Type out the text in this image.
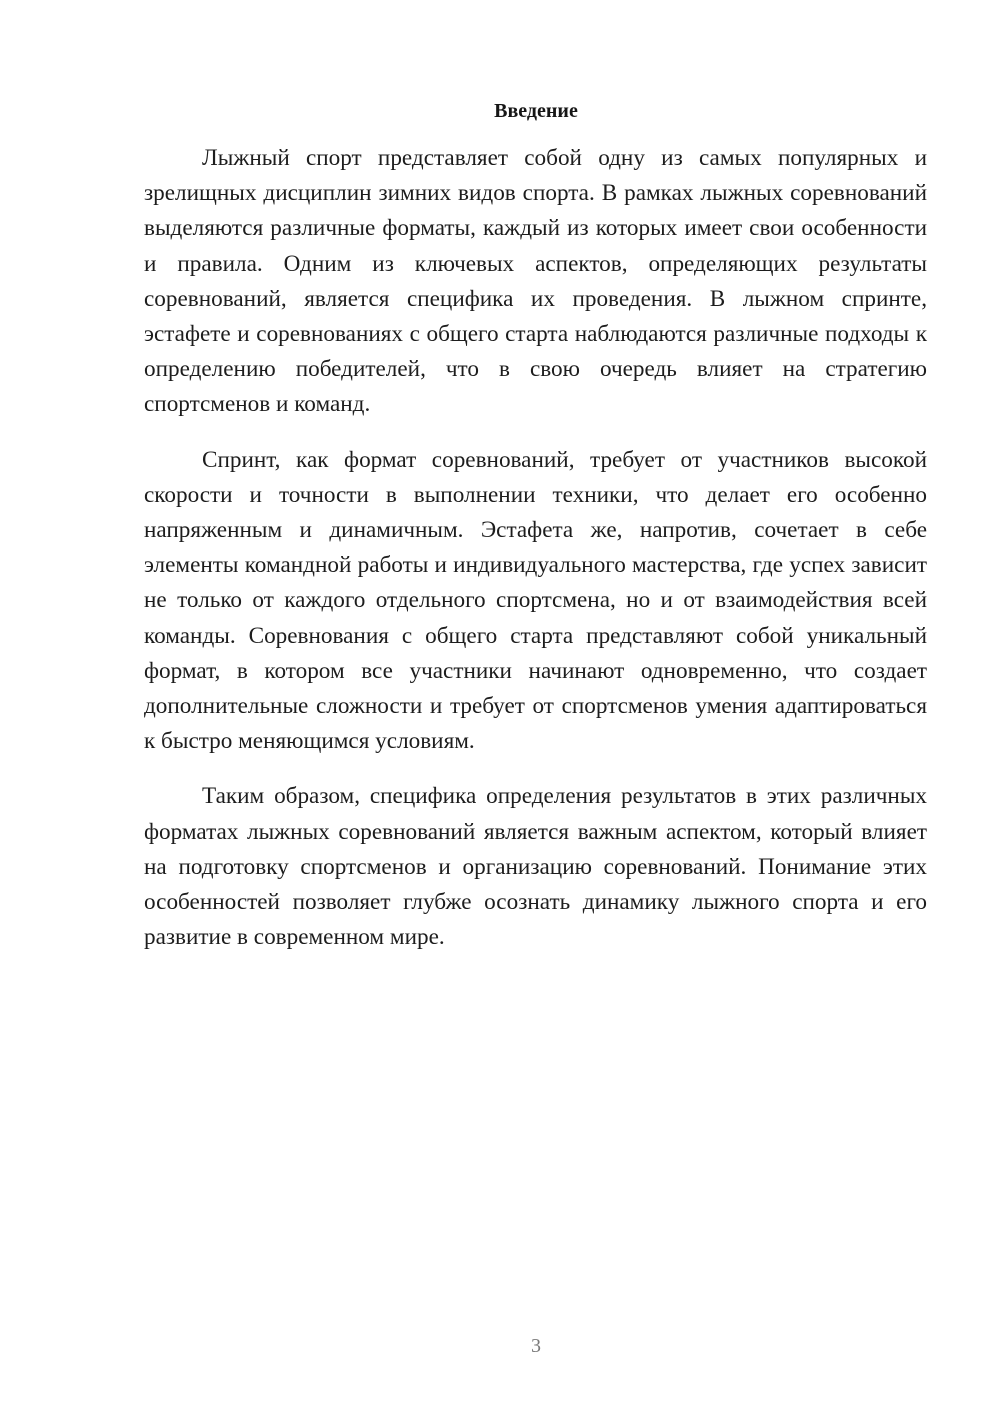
Введение

Лыжный спорт представляет собой одну из самых популярных и зрелищных дисциплин зимних видов спорта. В рамках лыжных соревнований выделяются различные форматы, каждый из которых имеет свои особенности и правила. Одним из ключевых аспектов, определяющих результаты соревнований, является специфика их проведения. В лыжном спринте, эстафете и соревнованиях с общего старта наблюдаются различные подходы к определению победителей, что в свою очередь влияет на стратегию спортсменов и команд.

Спринт, как формат соревнований, требует от участников высокой скорости и точности в выполнении техники, что делает его особенно напряженным и динамичным. Эстафета же, напротив, сочетает в себе элементы командной работы и индивидуального мастерства, где успех зависит не только от каждого отдельного спортсмена, но и от взаимодействия всей команды. Соревнования с общего старта представляют собой уникальный формат, в котором все участники начинают одновременно, что создает дополнительные сложности и требует от спортсменов умения адаптироваться к быстро меняющимся условиям.

Таким образом, специфика определения результатов в этих различных форматах лыжных соревнований является важным аспектом, который влияет на подготовку спортсменов и организацию соревнований. Понимание этих особенностей позволяет глубже осознать динамику лыжного спорта и его развитие в современном мире.

3
